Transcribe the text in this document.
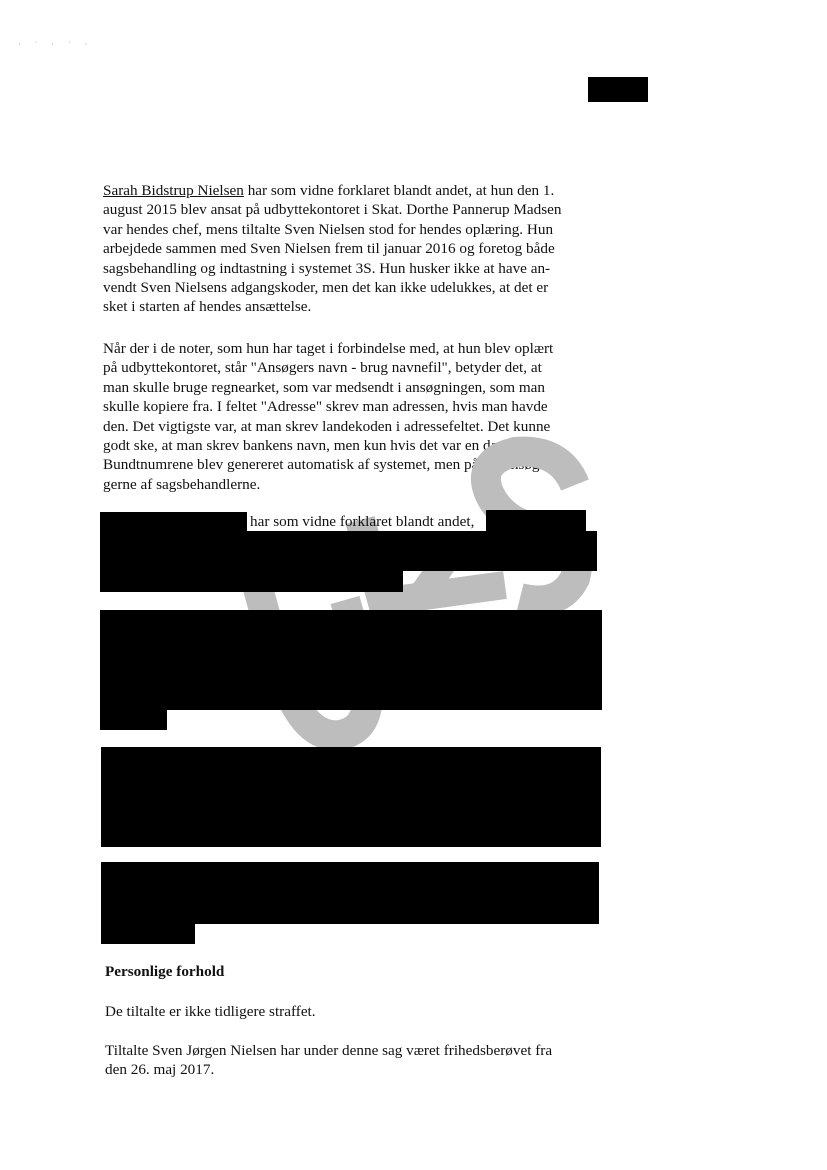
· ˙ · ˙ ·

Sarah Bidstrup Nielsen har som vidne forklaret blandt andet, at hun den 1.
august 2015 blev ansat på udbyttekontoret i Skat. Dorthe Pannerup Madsen
var hendes chef, mens tiltalte Sven Nielsen stod for hendes oplæring. Hun
arbejdede sammen med Sven Nielsen frem til januar 2016 og foretog både
sagsbehandling og indtastning i systemet 3S. Hun husker ikke at have an-
vendt Sven Nielsens adgangskoder, men det kan ikke udelukkes, at det er
sket i starten af hendes ansættelse.

Når der i de noter, som hun har taget i forbindelse med, at hun blev oplært
på udbyttekontoret, står "Ansøgers navn - brug navnefil", betyder det, at
man skulle bruge regnearket, som var medsendt i ansøgningen, som man
skulle kopiere fra. I feltet "Adresse" skrev man adressen, hvis man havde
den. Det vigtigste var, at man skrev landekoden i adressefeltet. Det kunne
godt ske, at man skrev bankens navn, men kun hvis det var en dansk bank.
Bundtnumrene blev genereret automatisk af systemet, men påført ansøgnin-
gerne af sagsbehandlerne.

har som vidne forklaret blandt andet,
Personlige forhold

De tiltalte er ikke tidligere straffet.

Tiltalte Sven Jørgen Nielsen har under denne sag været frihedsberøvet fra
den 26. maj 2017.
